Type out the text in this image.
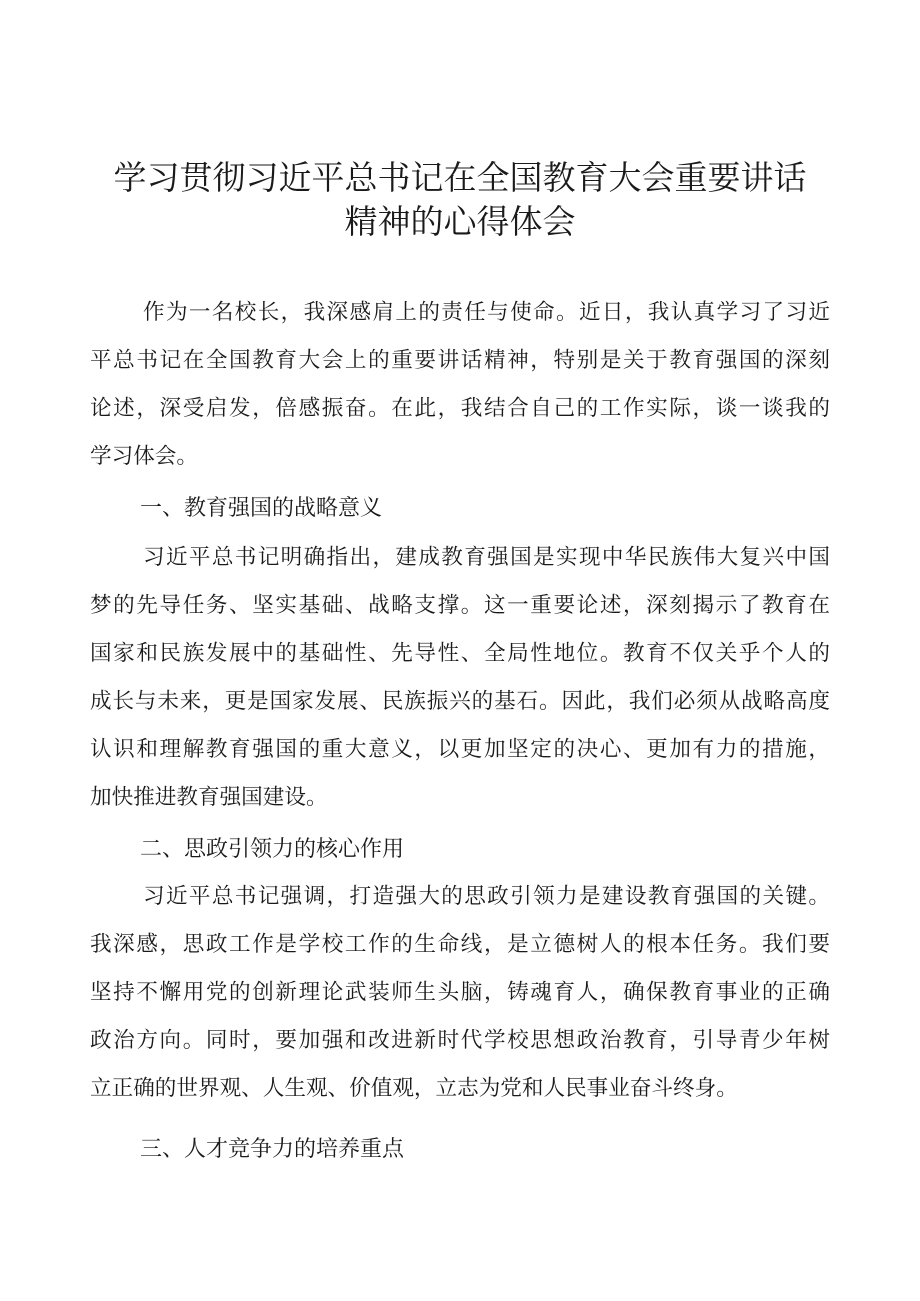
学习贯彻习近平总书记在全国教育大会重要讲话
精神的心得体会
作为一名校长，我深感肩上的责任与使命。近日，我认真学习了习近
平总书记在全国教育大会上的重要讲话精神，特别是关于教育强国的深刻
论述，深受启发，倍感振奋。在此，我结合自己的工作实际，谈一谈我的
学习体会。
一、教育强国的战略意义
习近平总书记明确指出，建成教育强国是实现中华民族伟大复兴中国
梦的先导任务、坚实基础、战略支撑。这一重要论述，深刻揭示了教育在
国家和民族发展中的基础性、先导性、全局性地位。教育不仅关乎个人的
成长与未来，更是国家发展、民族振兴的基石。因此，我们必须从战略高度
认识和理解教育强国的重大意义，以更加坚定的决心、更加有力的措施，
加快推进教育强国建设。
二、思政引领力的核心作用
习近平总书记强调，打造强大的思政引领力是建设教育强国的关键。
我深感，思政工作是学校工作的生命线，是立德树人的根本任务。我们要
坚持不懈用党的创新理论武装师生头脑，铸魂育人，确保教育事业的正确
政治方向。同时，要加强和改进新时代学校思想政治教育，引导青少年树
立正确的世界观、人生观、价值观，立志为党和人民事业奋斗终身。
三、人才竞争力的培养重点
